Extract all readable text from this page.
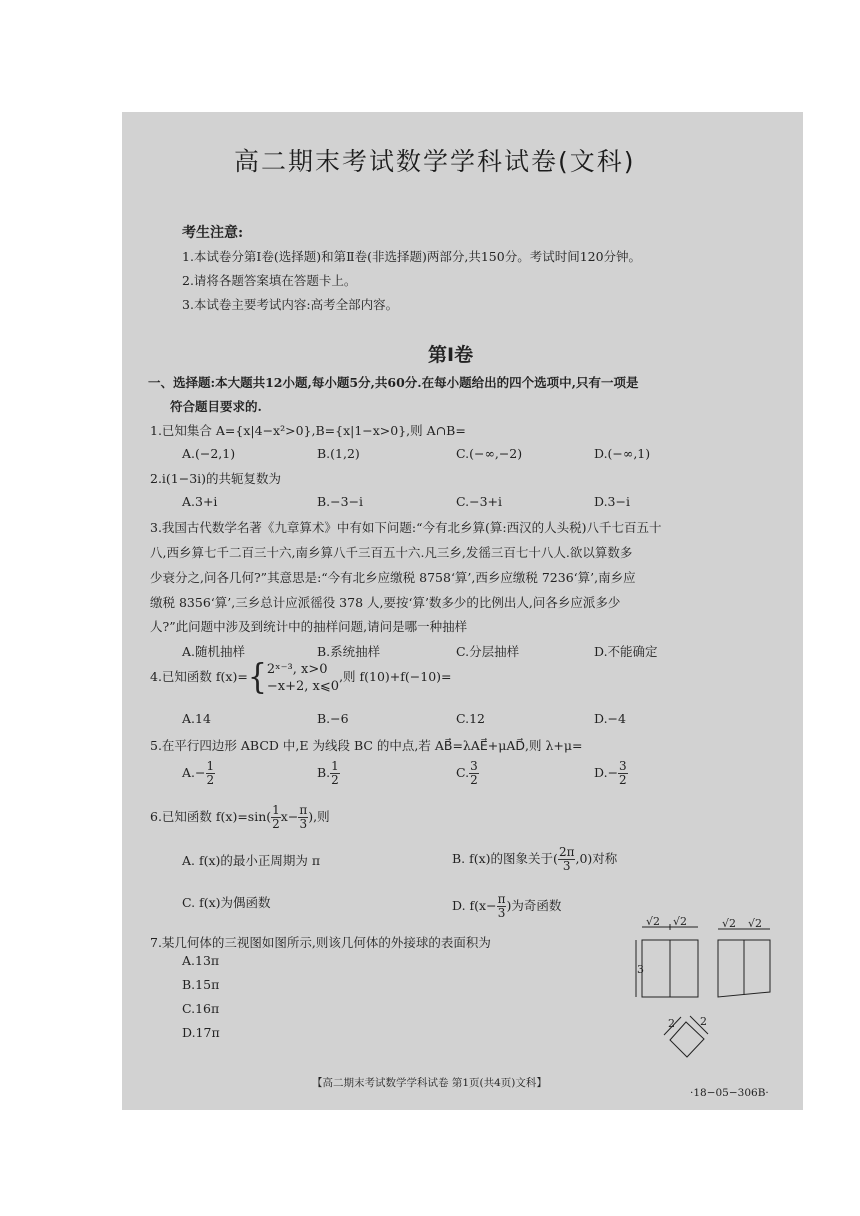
高二期末考试数学学科试卷(文科)
考生注意:
1.本试卷分第Ⅰ卷(选择题)和第Ⅱ卷(非选择题)两部分,共150分。考试时间120分钟。
2.请将各题答案填在答题卡上。
3.本试卷主要考试内容:高考全部内容。
第Ⅰ卷
一、选择题:本大题共12小题,每小题5分,共60分.在每小题给出的四个选项中,只有一项是
符合题目要求的.
1.已知集合 A={x|4−x²>0},B={x|1−x>0},则 A∩B=
A.(−2,1)	B.(1,2)	C.(−∞,−2)	D.(−∞,1)
2.i(1−3i)的共轭复数为
A.3+i	B.−3−i	C.−3+i	D.3−i
3.我国古代数学名著《九章算术》中有如下问题:“今有北乡算(算:西汉的人头税)八千七百五十
八,西乡算七千二百三十六,南乡算八千三百五十六.凡三乡,发徭三百七十八人.欲以算数多
少衰分之,问各几何?”其意思是:“今有北乡应缴税 8758‘算’,西乡应缴税 7236‘算’,南乡应
缴税 8356‘算’,三乡总计应派徭役 378 人,要按‘算’数多少的比例出人,问各乡应派多少
人?”此问题中涉及到统计中的抽样问题,请问是哪一种抽样
A.随机抽样	B.系统抽样	C.分层抽样	D.不能确定
4.已知函数 f(x)={ 2ˣ⁻³, x>0
−x+2, x⩽0
,则 f(10)+f(−10)=
A.14	B.−6	C.12	D.−4
5.在平行四边形 ABCD 中,E 为线段 BC 的中点,若 AB⃗=λAE⃗+μAD⃗,则 λ+μ=
$A.- \frac{1}{2}$	B. $\frac{1}{2}$	C. $\frac{3}{2}$	$D.- \frac{3}{2}$
6.已知函数 $f(x)=\sin( \frac{1}{2} x- \frac{\pi}{3}$ ),则
A. f(x)的最小正周期为 π	B. f(x)的图象关于( $\frac{2\pi}{3} ,0$)对称
C. f(x)为偶函数	D. $f(x- \frac{\pi}{3}$ )为奇函数
7.某几何体的三视图如图所示,则该几何体的外接球的表面积为
A.13π
B.15π
C.16π
D.17π
√2 √2	√2 √2
3
2 2
【高二期末考试数学学科试卷 第1页(共4页)文科】
·18−05−306B·
